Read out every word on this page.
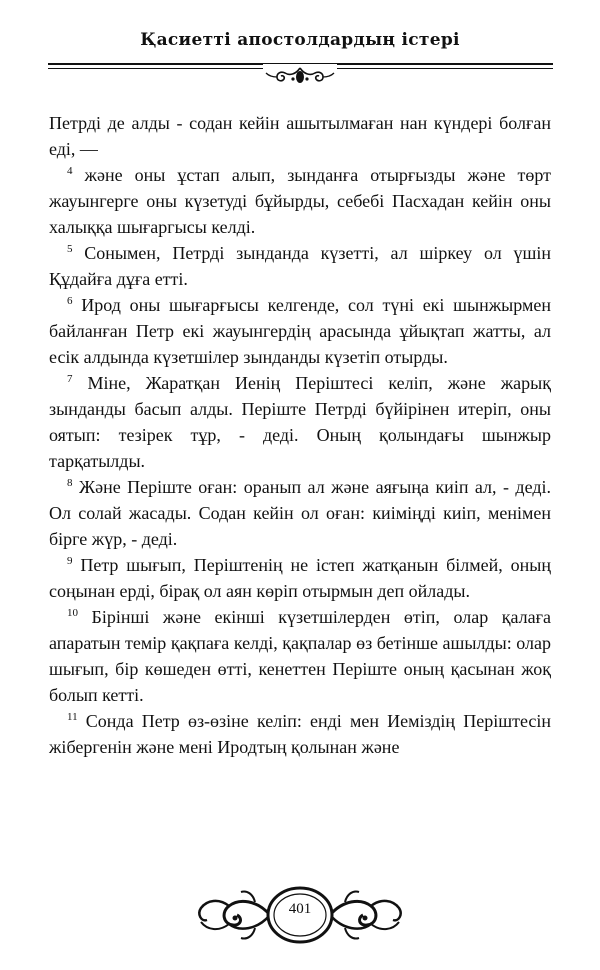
Қасиетті апостолдардың істері

Петрді де алды - содан кейін ашытылмаған нан күндері болған еді, —

$^4$ және оны ұстап алып, зынданға отырғызды және төрт жауынгерге оны күзетуді бұйырды, себебі Пасхадан кейін оны халыққа шығаргысы келді.

$^5$ Сонымен, Петрді зынданда күзетті, ал шіркеу ол үшін Құдайға дұға етті.

$^6$ Ирод оны шығарғысы келгенде, сол түні екі шынжырмен байланған Петр екі жауынгердің арасында ұйықтап жатты, ал есік алдында күзетшілер зынданды күзетіп отырды.

$^7$ Міне, Жаратқан Иенің Періштесі келіп, және жарық зынданды басып алды. Періште Петрді бүйірінен итеріп, оны оятып: тезірек тұр, - деді. Оның қолындағы шынжыр тарқатылды.

$^8$ Және Періште оған: оранып ал және аяғыңа киіп ал, - деді. Ол солай жасады. Содан кейін ол оған: киіміңді киіп, менімен бірге жүр, - деді.

$^9$ Петр шығып, Періштенің не істеп жатқанын білмей, оның соңынан ерді, бірақ ол аян көріп отырмын деп ойлады.

$^{10}$ Бірінші және екінші күзетшілерден өтіп, олар қалаға апаратын темір қақпаға келді, қақпалар өз бетінше ашылды: олар шығып, бір көшеден өтті, кенеттен Періште оның қасынан жоқ болып кетті.

$^{11}$ Сонда Петр өз-өзіне келіп: енді мен Иеміздің Періштесін жібергенін және мені Иродтың қолынан және

401
